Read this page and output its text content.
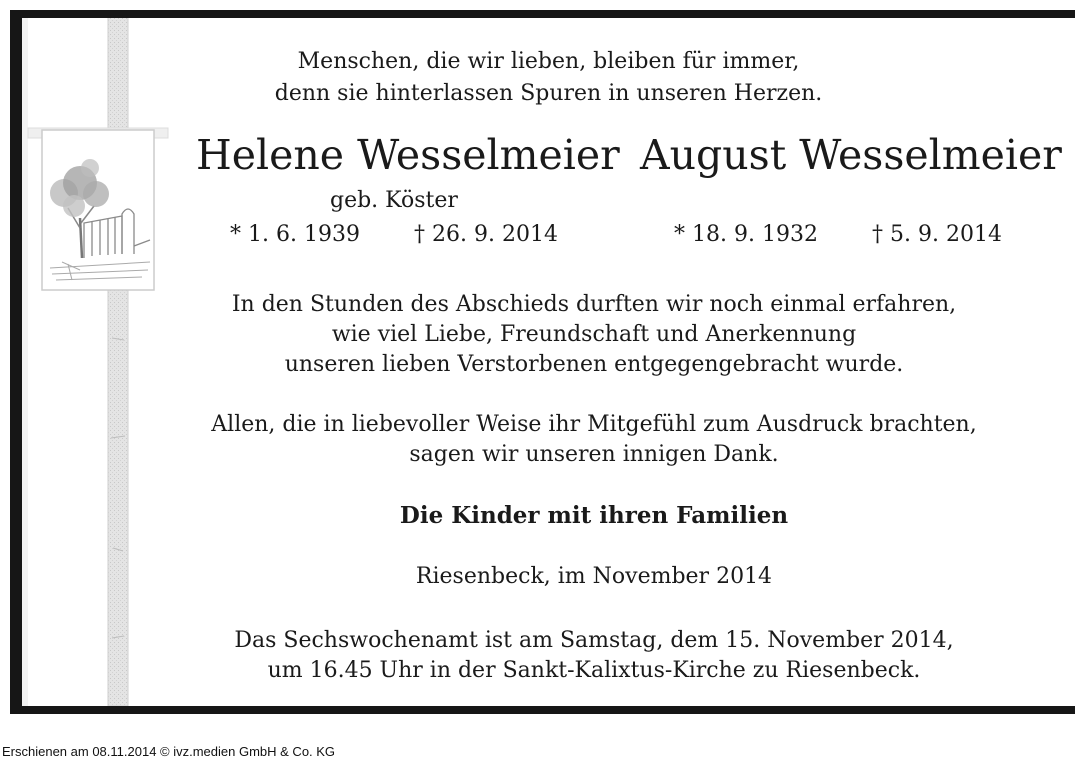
Menschen, die wir lieben, bleiben für immer,
denn sie hinterlassen Spuren in unseren Herzen.
Helene Wesselmeier August Wesselmeier
geb. Köster
* 1. 6. 1939 † 26. 9. 2014	* 18. 9. 1932 † 5. 9. 2014
In den Stunden des Abschieds durften wir noch einmal erfahren,
wie viel Liebe, Freundschaft und Anerkennung
unseren lieben Verstorbenen entgegengebracht wurde.
Allen, die in liebevoller Weise ihr Mitgefühl zum Ausdruck brachten,
sagen wir unseren innigen Dank.
Die Kinder mit ihren Familien
Riesenbeck, im November 2014
Das Sechswochenamt ist am Samstag, dem 15. November 2014,
um 16.45 Uhr in der Sankt-Kalixtus-Kirche zu Riesenbeck.
Erschienen am 08.11.2014 © ivz.medien GmbH & Co. KG
